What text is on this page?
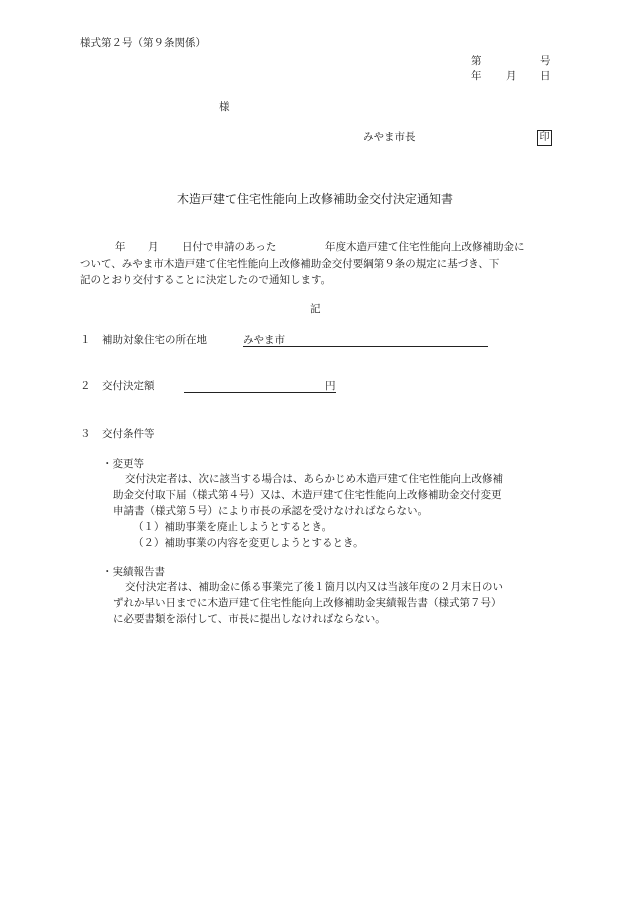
様式第２号（第９条関係）
第	号
年 月 日
様
みやま市長	印
木造戸建て住宅性能向上改修補助金交付決定通知書
年 月 日付で申請のあった	年度木造戸建て住宅性能向上改修補助金に
ついて、みやま市木造戸建て住宅性能向上改修補助金交付要綱第９条の規定に基づき、下
記のとおり交付することに決定したので通知します。
記
１ 補助対象住宅の所在地	みやま市
２ 交付決定額	円
３ 交付条件等
・変更等
交付決定者は、次に該当する場合は、あらかじめ木造戸建て住宅性能向上改修補
助金交付取下届（様式第４号）又は、木造戸建て住宅性能向上改修補助金交付変更
申請書（様式第５号）により市長の承認を受けなければならない。
（１）補助事業を廃止しようとするとき。
（２）補助事業の内容を変更しようとするとき。
・実績報告書
交付決定者は、補助金に係る事業完了後１箇月以内又は当該年度の２月末日のい
ずれか早い日までに木造戸建て住宅性能向上改修補助金実績報告書（様式第７号）
に必要書類を添付して、市長に提出しなければならない。
